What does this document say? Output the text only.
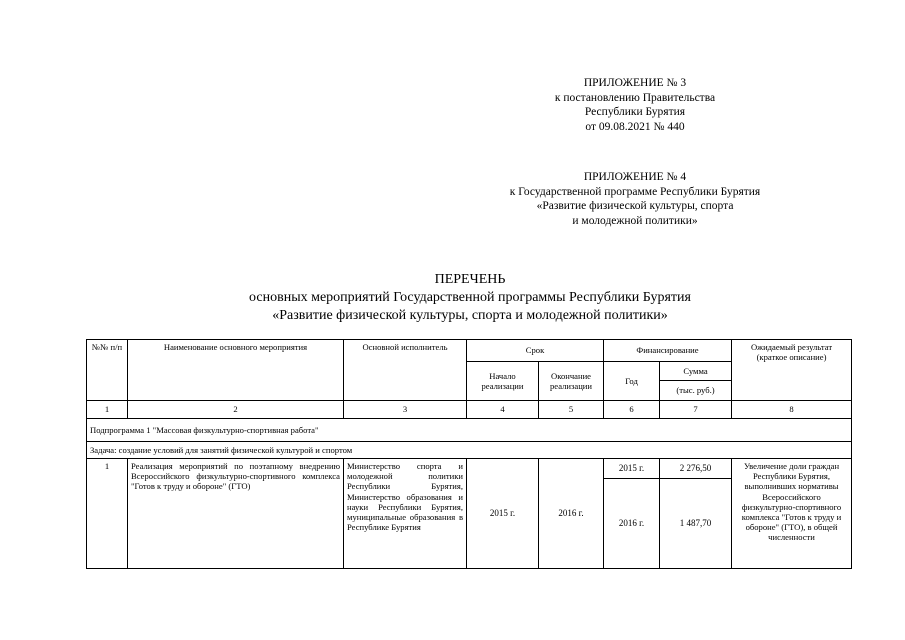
ПРИЛОЖЕНИЕ № 3
к постановлению Правительства
Республики Бурятия
от 09.08.2021 № 440
ПРИЛОЖЕНИЕ № 4
к Государственной программе Республики Бурятия
«Развитие физической культуры, спорта
и молодежной политики»
ПЕРЕЧЕНЬ
основных мероприятий Государственной программы Республики Бурятия
«Развитие физической культуры, спорта и молодежной политики»
№№ п/п	Наименование основного мероприятия	Основной исполнитель	Срок		Финансирование		Ожидаемый результат (краткое описание)
			Начало реализации	Окончание реализации	Год	Сумма	
						(тыс. руб.)	
1	2	3	4	5	6	7	8
Подпрограмма 1 "Массовая физкультурно-спортивная работа"							
Задача: создание условий для занятий физической культурой и спортом							
1	Реализация мероприятий по поэтапному внедрению Всероссийского физкультурно-спортивного комплекса "Готов к труду и обороне" (ГТО)	Министерство спорта и молодежной политики Республики Бурятия, Министерство образования и науки Республики Бурятия, муниципальные образования в Республике Бурятия	2015 г.	2016 г.	2015 г.	2 276,50	Увеличение доли граждан Республики Бурятия, выполнивших нормативы Всероссийского физкультурно-спортивного комплекса "Готов к труду и обороне" (ГТО), в общей численности
					2016 г.	1 487,70	
